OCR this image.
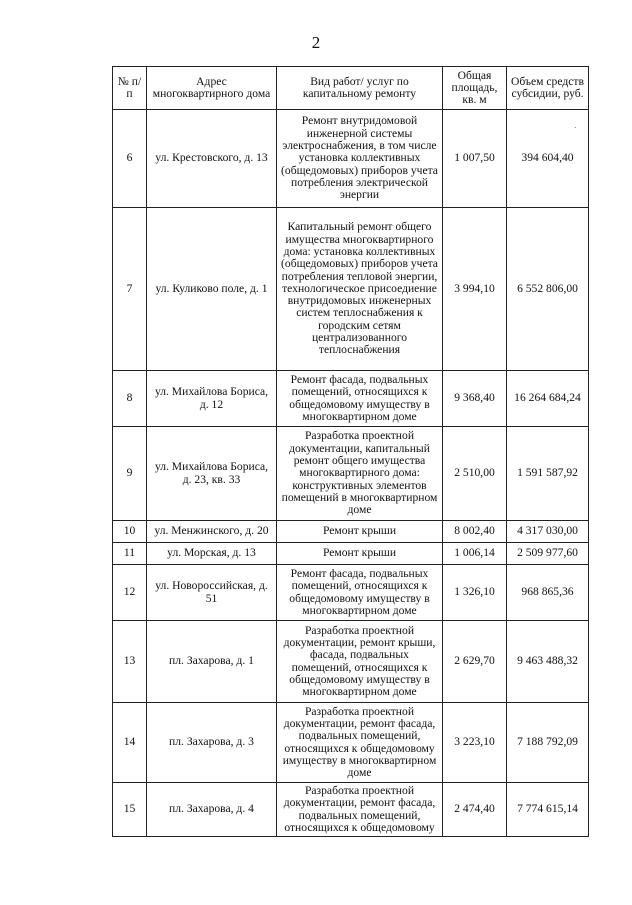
2
·
№ п/п	Адрес многоквартирного дома	Вид работ/ услуг по капитальному ремонту	Общая площадь, кв. м	Объем средств субсидии, руб.
6	ул. Крестовского, д. 13	Ремонт внутридомовой инженерной системы электроснабжения, в том числе установка коллективных (общедомовых) приборов учета потребления электрической энергии	1 007,50	394 604,40
7	ул. Куликово поле, д. 1	Капитальный ремонт общего имущества многоквартирного дома: установка коллективных (общедомовых) приборов учета потребления тепловой энергии, технологическое присоедиение внутридомовых инженерных систем теплоснабжения к городским сетям централизованного теплоснабжения	3 994,10	6 552 806,00
8	ул. Михайлова Бориса, д. 12	Ремонт фасада, подвальных помещений, относящихся к общедомовому имуществу в многоквартирном доме	9 368,40	16 264 684,24
9	ул. Михайлова Бориса, д. 23, кв. 33	Разработка проектной документации, капитальный ремонт общего имущества многоквартирного дома: конструктивных элементов помещений в многоквартирном доме	2 510,00	1 591 587,92
10	ул. Менжинского, д. 20	Ремонт крыши	8 002,40	4 317 030,00
11	ул. Морская, д. 13	Ремонт крыши	1 006,14	2 509 977,60
12	ул. Новороссийская, д. 51	Ремонт фасада, подвальных помещений, относящихся к общедомовому имуществу в многоквартирном доме	1 326,10	968 865,36
13	пл. Захарова, д. 1	Разработка проектной документации, ремонт крыши, фасада, подвальных помещений, относящихся к общедомовому имуществу в многоквартирном доме	2 629,70	9 463 488,32
14	пл. Захарова, д. 3	Разработка проектной документации, ремонт фасада, подвальных помещений, относящихся к общедомовому имуществу в многоквартирном доме	3 223,10	7 188 792,09
15	пл. Захарова, д. 4	Разработка проектной документации, ремонт фасада, подвальных помещений, относящихся к общедомовому	2 474,40	7 774 615,14
